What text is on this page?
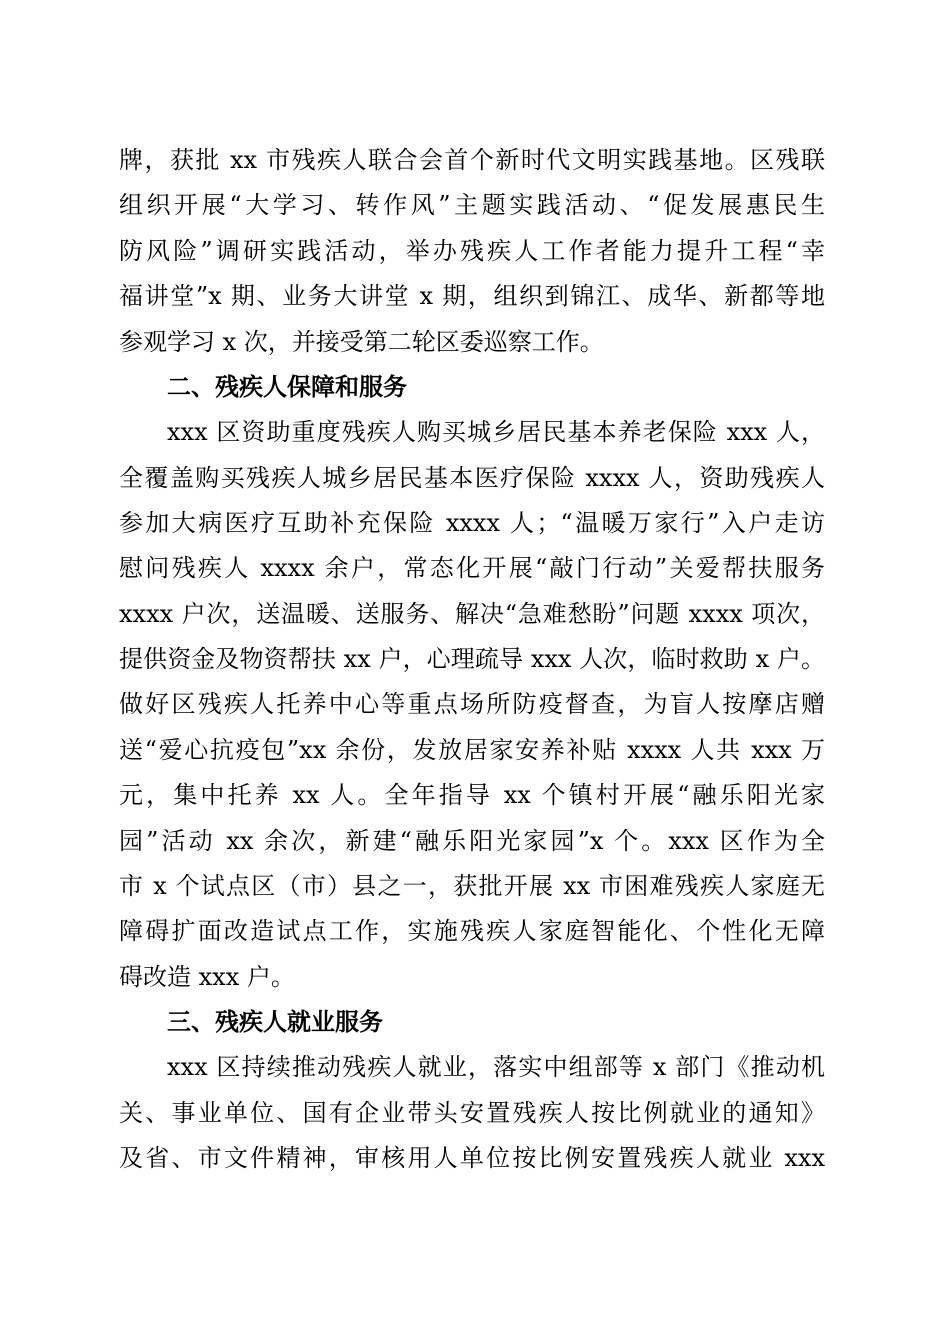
牌，获批 xx 市残疾人联合会首个新时代文明实践基地。区残联
组织开展“大学习、转作风”主题实践活动、“促发展惠民生
防风险”调研实践活动，举办残疾人工作者能力提升工程“幸
福讲堂”x 期、业务大讲堂 x 期，组织到锦江、成华、新都等地
参观学习 x 次，并接受第二轮区委巡察工作。
二、残疾人保障和服务
xxx 区资助重度残疾人购买城乡居民基本养老保险 xxx 人，
全覆盖购买残疾人城乡居民基本医疗保险 xxxx 人，资助残疾人
参加大病医疗互助补充保险 xxxx 人；“温暖万家行”入户走访
慰问残疾人 xxxx 余户，常态化开展“敲门行动”关爱帮扶服务
xxxx 户次，送温暖、送服务、解决“急难愁盼”问题 xxxx 项次，
提供资金及物资帮扶 xx 户，心理疏导 xxx 人次，临时救助 x 户。
做好区残疾人托养中心等重点场所防疫督查，为盲人按摩店赠
送“爱心抗疫包”xx 余份，发放居家安养补贴 xxxx 人共 xxx 万
元，集中托养 xx 人。全年指导 xx 个镇村开展“融乐阳光家
园”活动 xx 余次，新建“融乐阳光家园”x 个。xxx 区作为全
市 x 个试点区（市）县之一，获批开展 xx 市困难残疾人家庭无
障碍扩面改造试点工作，实施残疾人家庭智能化、个性化无障
碍改造 xxx 户。
三、残疾人就业服务
xxx 区持续推动残疾人就业，落实中组部等 x 部门《推动机
关、事业单位、国有企业带头安置残疾人按比例就业的通知》
及省、市文件精神，审核用人单位按比例安置残疾人就业 xxx
